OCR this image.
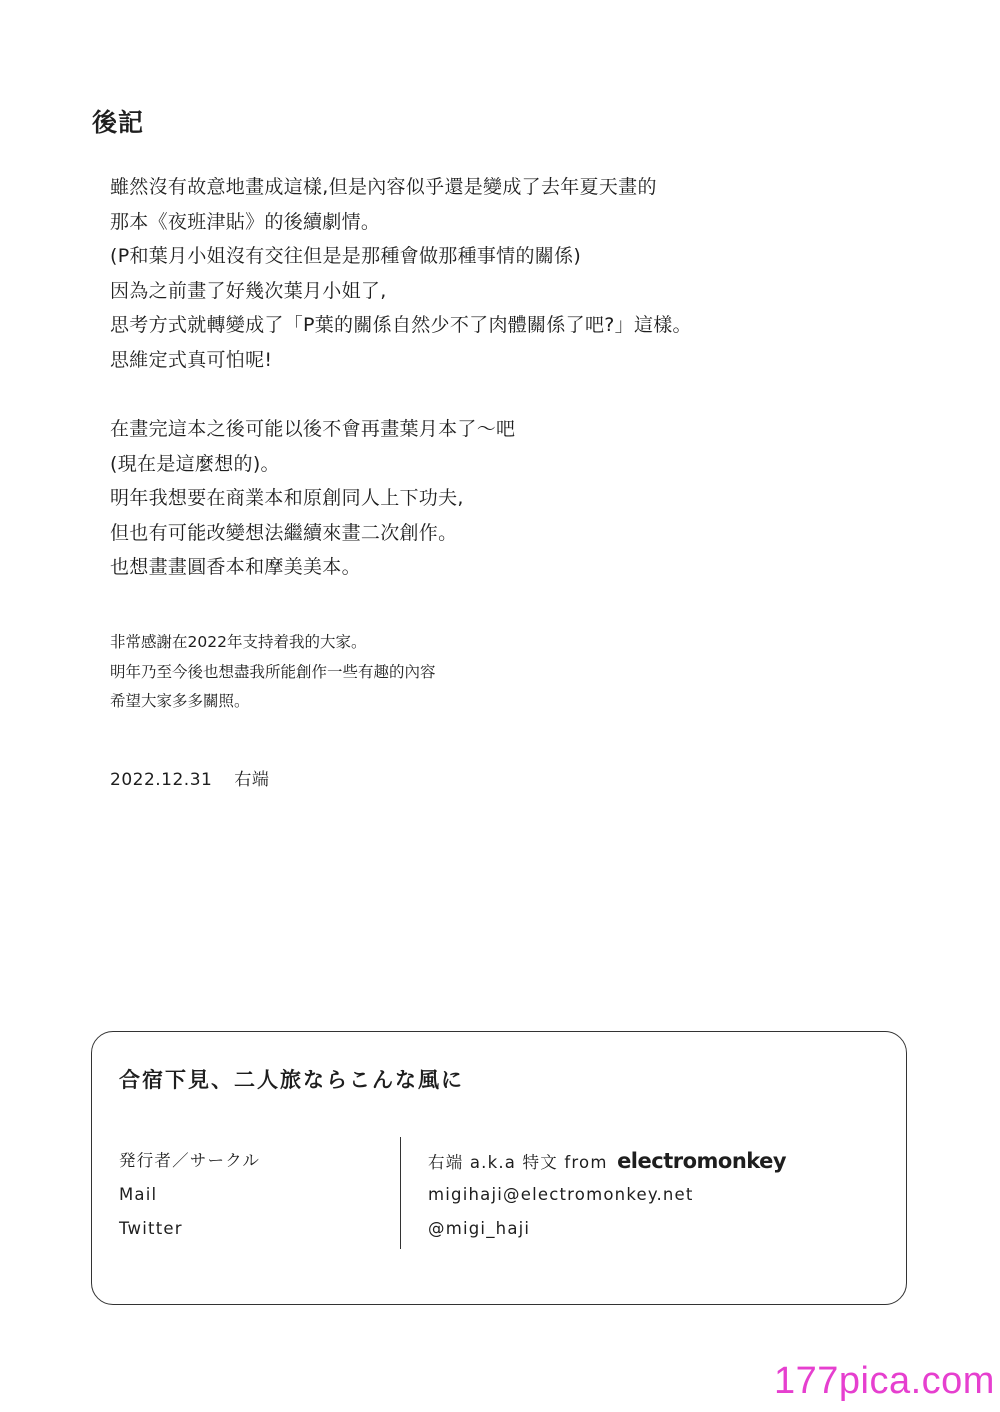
後記
雖然沒有故意地畫成這樣,但是內容似乎還是變成了去年夏天畫的
那本《夜班津貼》的後續劇情。
(P和葉月小姐沒有交往但是是那種會做那種事情的關係)
因為之前畫了好幾次葉月小姐了,
思考方式就轉變成了「P葉的關係自然少不了肉體關係了吧?」這樣。
思維定式真可怕呢!
在畫完這本之後可能以後不會再畫葉月本了～吧
(現在是這麼想的)。
明年我想要在商業本和原創同人上下功夫,
但也有可能改變想法繼續來畫二次創作。
也想畫畫圓香本和摩美美本。
非常感謝在2022年支持着我的大家。
明年乃至今後也想盡我所能創作一些有趣的內容
希望大家多多關照。
2022.12.31 右端
合宿下見、二人旅ならこんな風に
発行者／サークル
Mail
Twitter
右端 a.k.a 特文 from electromonkey
migihaji@electromonkey.net
@migi_haji
177pica.com
